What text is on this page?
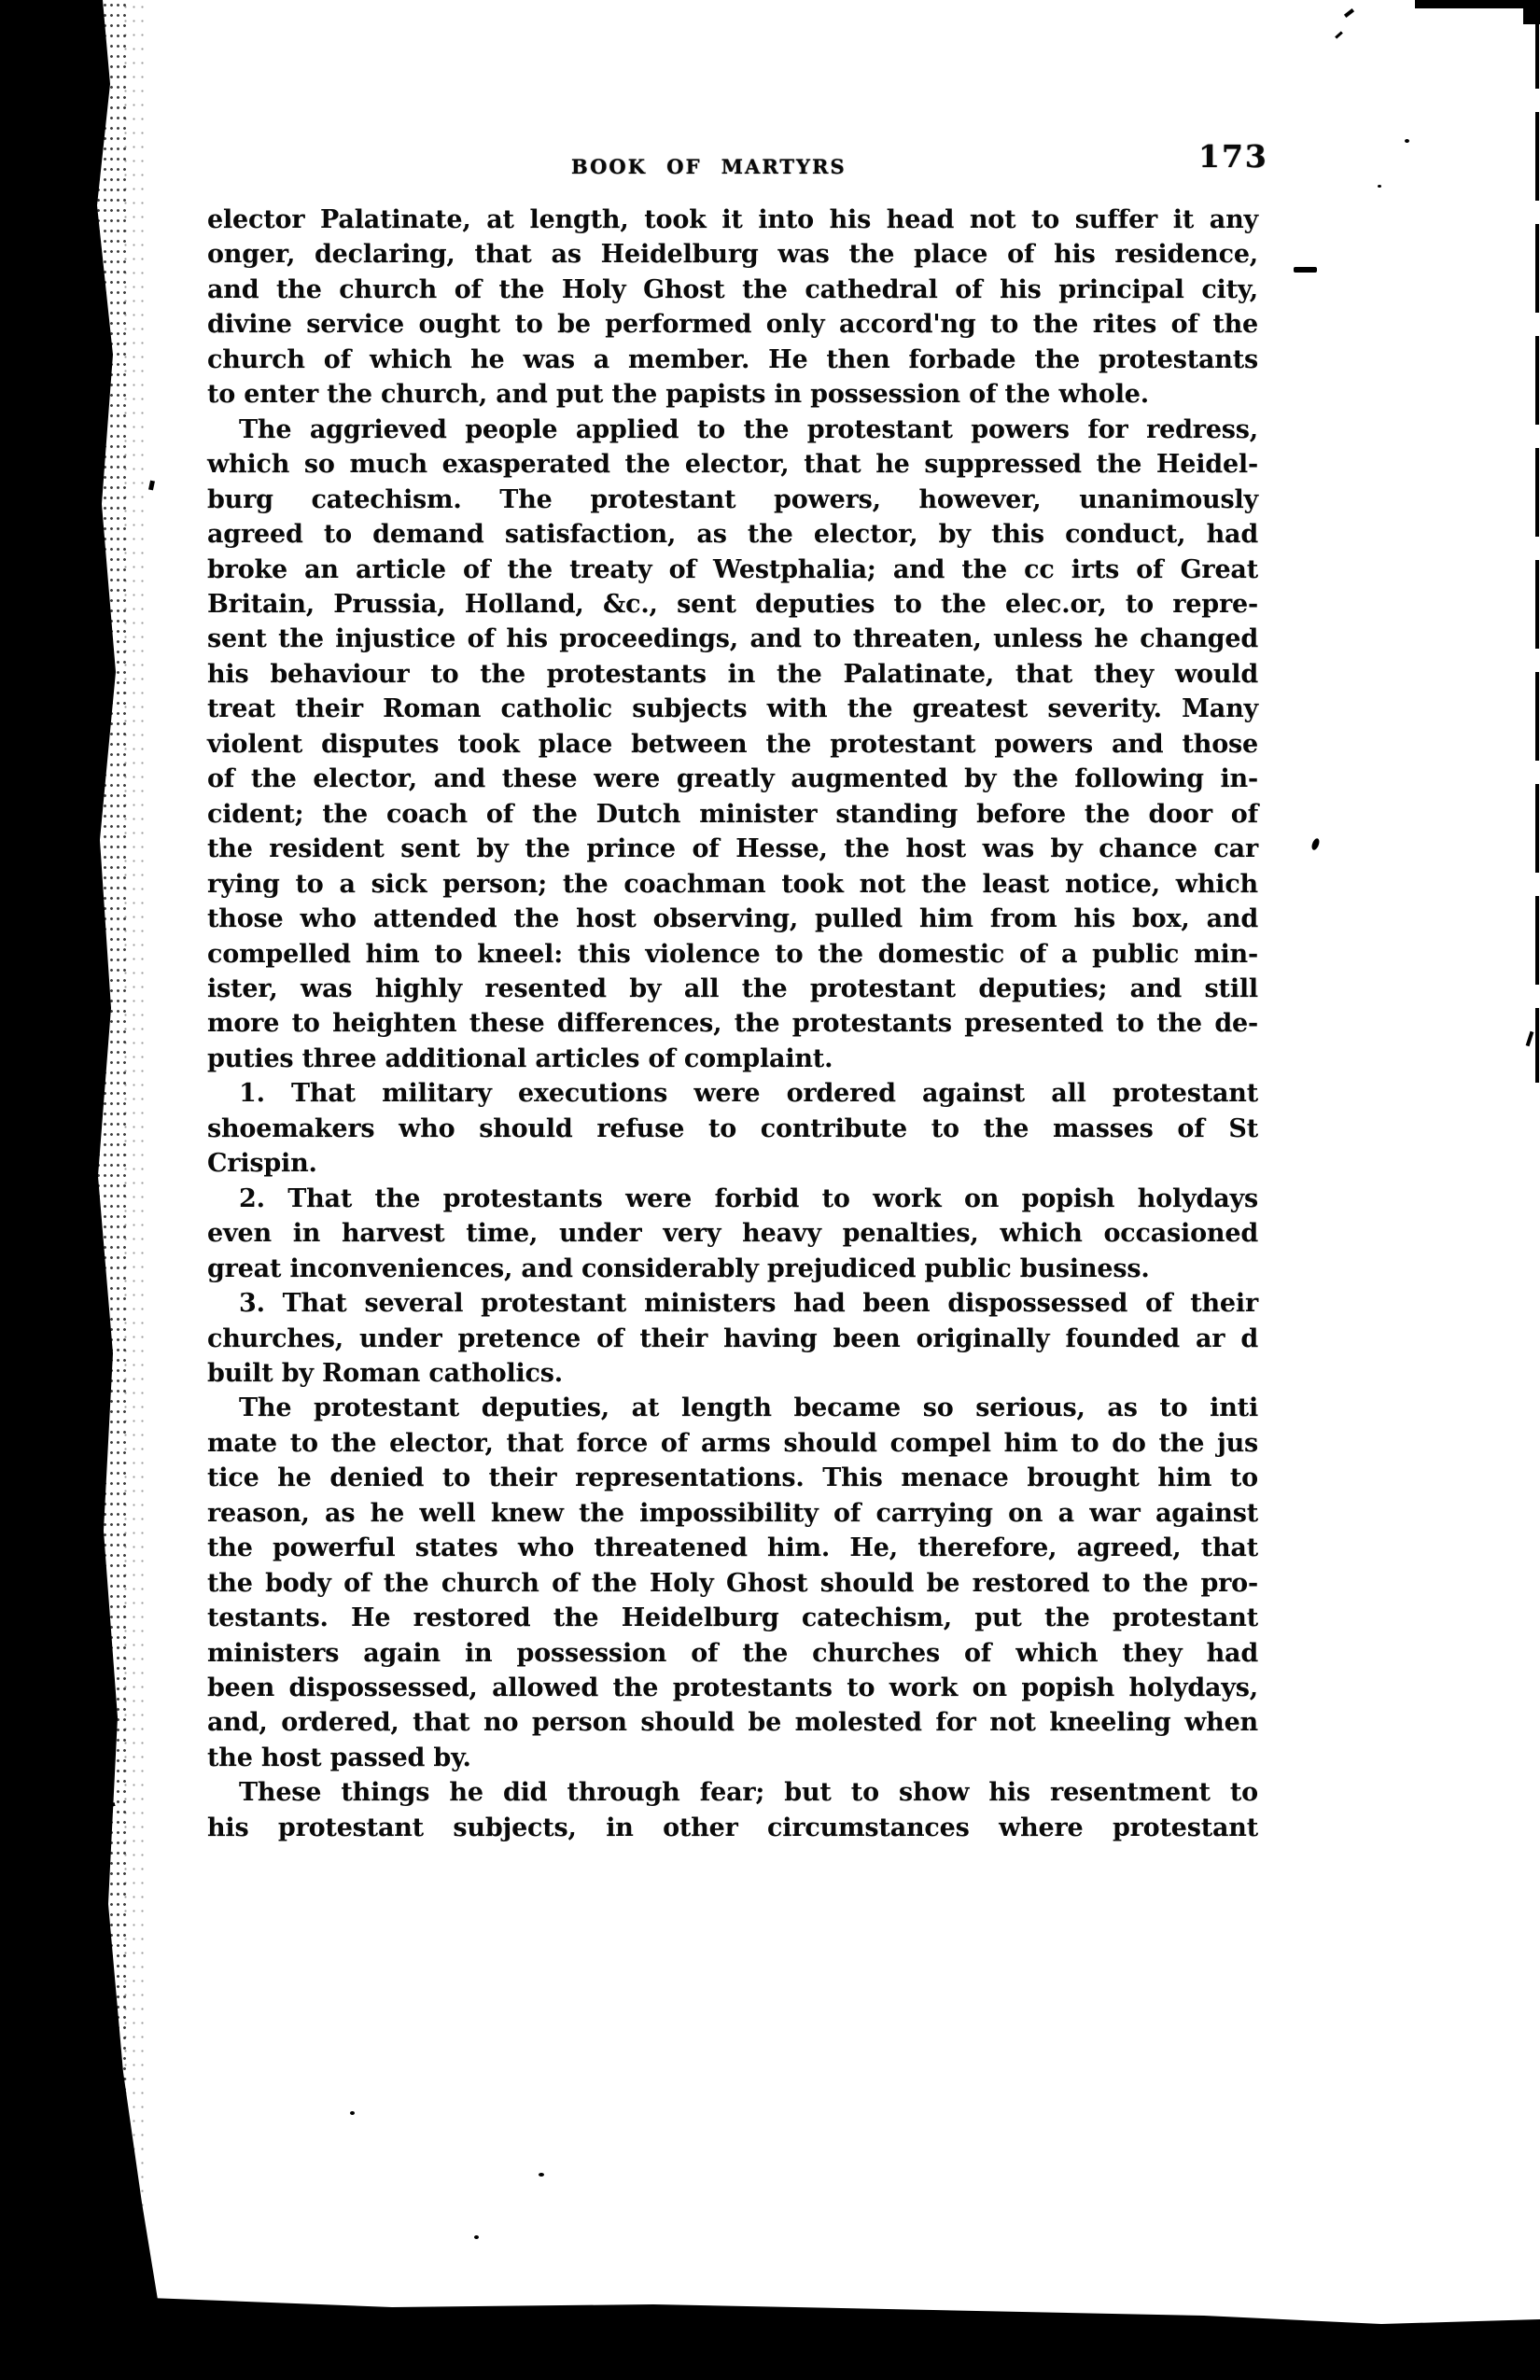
BOOK OF MARTYRS	173
elector Palatinate, at length, took it into his head not to suffer it any
onger, declaring, that as Heidelburg was the place of his residence,
and the church of the Holy Ghost the cathedral of his principal city,
divine service ought to be performed only accord'ng to the rites of the
church of which he was a member. He then forbade the protestants
to enter the church, and put the papists in possession of the whole.
The aggrieved people applied to the protestant powers for redress,
which so much exasperated the elector, that he suppressed the Heidel-
burg catechism. The protestant powers, however, unanimously
agreed to demand satisfaction, as the elector, by this conduct, had
broke an article of the treaty of Westphalia; and the cc irts of Great
Britain, Prussia, Holland, &c., sent deputies to the elec.or, to repre-
sent the injustice of his proceedings, and to threaten, unless he changed
his behaviour to the protestants in the Palatinate, that they would
treat their Roman catholic subjects with the greatest severity. Many
violent disputes took place between the protestant powers and those
of the elector, and these were greatly augmented by the following in-
cident; the coach of the Dutch minister standing before the door of
the resident sent by the prince of Hesse, the host was by chance car
rying to a sick person; the coachman took not the least notice, which
those who attended the host observing, pulled him from his box, and
compelled him to kneel: this violence to the domestic of a public min-
ister, was highly resented by all the protestant deputies; and still
more to heighten these differences, the protestants presented to the de-
puties three additional articles of complaint.
1. That military executions were ordered against all protestant
shoemakers who should refuse to contribute to the masses of St
Crispin.
2. That the protestants were forbid to work on popish holydays
even in harvest time, under very heavy penalties, which occasioned
great inconveniences, and considerably prejudiced public business.
3. That several protestant ministers had been dispossessed of their
churches, under pretence of their having been originally founded ar d
built by Roman catholics.
The protestant deputies, at length became so serious, as to inti
mate to the elector, that force of arms should compel him to do the jus
tice he denied to their representations. This menace brought him to
reason, as he well knew the impossibility of carrying on a war against
the powerful states who threatened him. He, therefore, agreed, that
the body of the church of the Holy Ghost should be restored to the pro-
testants. He restored the Heidelburg catechism, put the protestant
ministers again in possession of the churches of which they had
been dispossessed, allowed the protestants to work on popish holydays,
and, ordered, that no person should be molested for not kneeling when
the host passed by.
These things he did through fear; but to show his resentment to
his protestant subjects, in other circumstances where protestant
